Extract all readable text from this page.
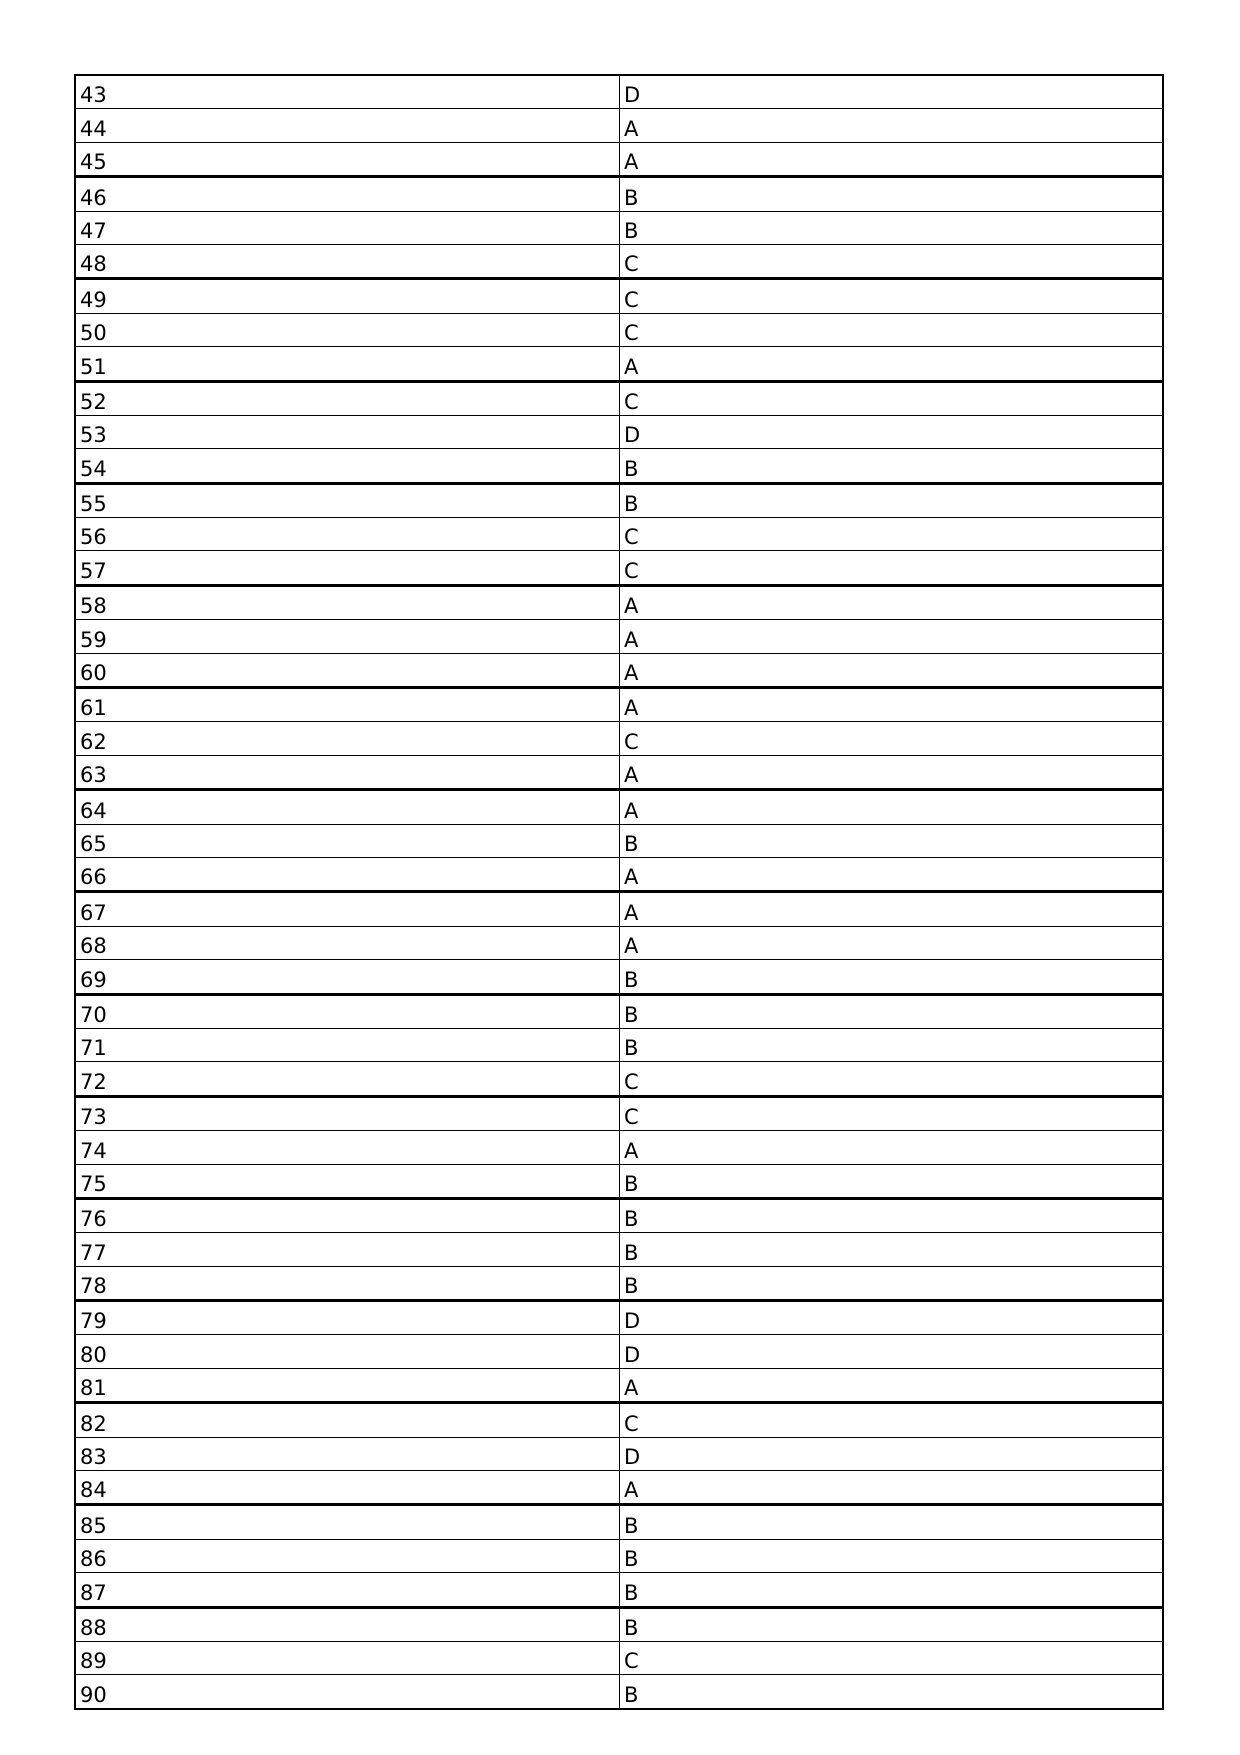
43	D
44	A
45	A
46	B
47	B
48	C
49	C
50	C
51	A
52	C
53	D
54	B
55	B
56	C
57	C
58	A
59	A
60	A
61	A
62	C
63	A
64	A
65	B
66	A
67	A
68	A
69	B
70	B
71	B
72	C
73	C
74	A
75	B
76	B
77	B
78	B
79	D
80	D
81	A
82	C
83	D
84	A
85	B
86	B
87	B
88	B
89	C
90	B
